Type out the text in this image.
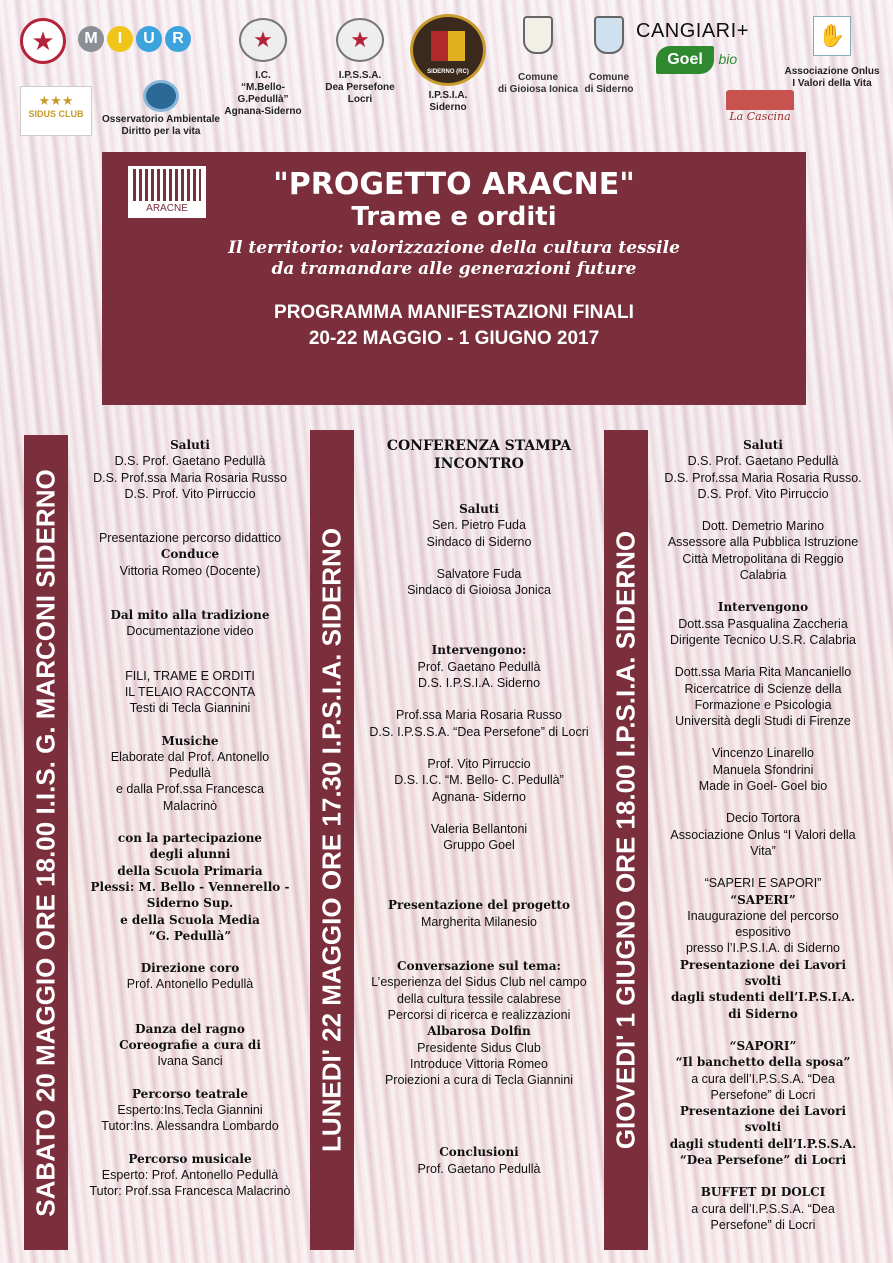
★	M	I	U	R
★★★
SIDUS CLUB	Osservatorio Ambientale
Diritto per la vita
★
I.C.
“M.Bello-G.Pedullà”
Agnana-Siderno
★
I.P.S.S.A.
Dea Persefone
Locri
SIDERNO (RC)
I.P.S.I.A.
Siderno
Comune
di Gioiosa Ionica
Comune
di Siderno
CANGIARI+
Goel bio
La Cascina
✋
Associazione Onlus
I Valori della Vita
ARACNE
"PROGETTO ARACNE"
Trame e orditi
Il territorio: valorizzazione della cultura tessile
da tramandare alle generazioni future
PROGRAMMA MANIFESTAZIONI FINALI
20-22 MAGGIO - 1 GIUGNO 2017
SABATO 20 MAGGIO ORE 18.00 I.I.S. G. MARCONI SIDERNO	LUNEDI' 22 MAGGIO ORE 17.30 I.P.S.I.A. SIDERNO	GIOVEDI' 1 GIUGNO ORE 18.00 I.P.S.I.A. SIDERNO

Saluti

D.S. Prof. Gaetano Pedullà

D.S. Prof.ssa Maria Rosaria Russo

D.S. Prof. Vito Pirruccio

Presentazione percorso didattico

Conduce

Vittoria Romeo (Docente)

Dal mito alla tradizione

Documentazione video

FILI, TRAME E ORDITI

IL TELAIO RACCONTA

Testi di Tecla Giannini

Musiche

Elaborate dal Prof. Antonello

Pedullà

e dalla Prof.ssa Francesca

Malacrinò

con la partecipazione

degli alunni

della Scuola Primaria

Plessi: M. Bello - Vennerello -

Siderno Sup.

e della Scuola Media

“G. Pedullà”

Direzione coro

Prof. Antonello Pedullà

Danza del ragno

Coreografie a cura di

Ivana Sanci

Percorso teatrale

Esperto:Ins.Tecla Giannini

Tutor:Ins. Alessandra Lombardo

Percorso musicale

Esperto: Prof. Antonello Pedullà

Tutor: Prof.ssa Francesca Malacrinò

CONFERENZA STAMPA

INCONTRO

Saluti

Sen. Pietro Fuda

Sindaco di Siderno

Salvatore Fuda

Sindaco di Gioiosa Jonica

Intervengono:

Prof. Gaetano Pedullà

D.S. I.P.S.I.A. Siderno

Prof.ssa Maria Rosaria Russo

D.S. I.P.S.S.A. “Dea Persefone” di Locri

Prof. Vito Pirruccio

D.S. I.C. “M. Bello- C. Pedullà”

Agnana- Siderno

Valeria Bellantoni

Gruppo Goel

Presentazione del progetto

Margherita Milanesio

Conversazione sul tema:

L’esperienza del Sidus Club nel campo

della cultura tessile calabrese

Percorsi di ricerca e realizzazioni

Albarosa Dolfin

Presidente Sidus Club

Introduce Vittoria Romeo

Proiezioni a cura di Tecla Giannini

Conclusioni

Prof. Gaetano Pedullà

Saluti

D.S. Prof. Gaetano Pedullà

D.S. Prof.ssa Maria Rosaria Russo.

D.S. Prof. Vito Pirruccio

Dott. Demetrio Marino

Assessore alla Pubblica Istruzione

Città Metropolitana di Reggio

Calabria

Intervengono

Dott.ssa Pasqualina Zaccheria

Dirigente Tecnico U.S.R. Calabria

Dott.ssa Maria Rita Mancaniello

Ricercatrice di Scienze della

Formazione e Psicologia

Università degli Studi di Firenze

Vincenzo Linarello

Manuela Sfondrini

Made in Goel- Goel bio

Decio Tortora

Associazione Onlus “I Valori della

Vita”

“SAPERI E SAPORI”

“SAPERI”

Inaugurazione del percorso

espositivo

presso l’I.P.S.I.A. di Siderno

Presentazione dei Lavori

svolti

dagli studenti dell’I.P.S.I.A.

di Siderno

“SAPORI”

“Il banchetto della sposa”

a cura dell’I.P.S.S.A. “Dea

Persefone” di Locri

Presentazione dei Lavori

svolti

dagli studenti dell’I.P.S.S.A.

“Dea Persefone” di Locri

BUFFET DI DOLCI

a cura dell’I.P.S.S.A. “Dea

Persefone” di Locri
